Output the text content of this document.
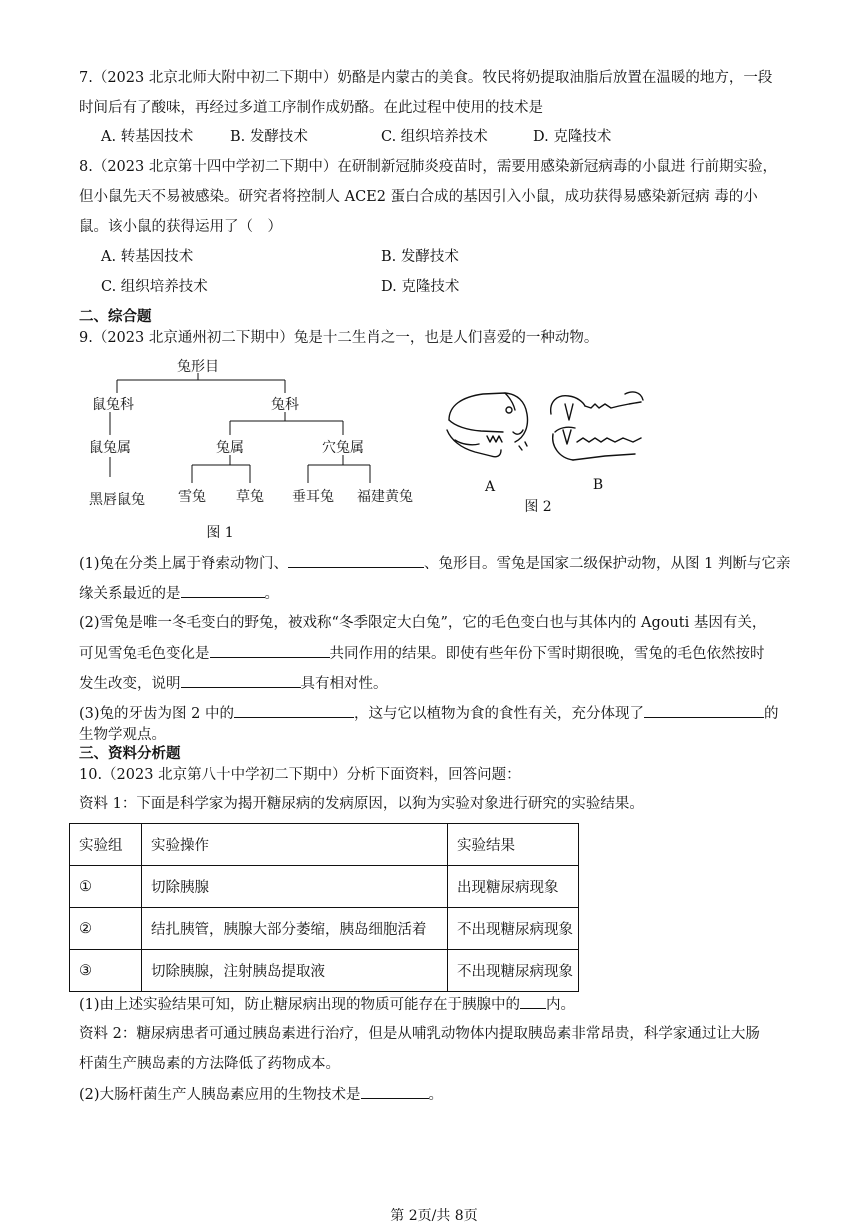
7.（2023 北京北师大附中初二下期中）奶酪是内蒙古的美食。牧民将奶提取油脂后放置在温暖的地方，一段
时间后有了酸味，再经过多道工序制作成奶酪。在此过程中使用的技术是
A. 转基因技术	B. 发酵技术	C. 组织培养技术	D. 克隆技术
8.（2023 北京第十四中学初二下期中）在研制新冠肺炎疫苗时，需要用感染新冠病毒的小鼠进 行前期实验，
但小鼠先天不易被感染。研究者将控制人 ACE2 蛋白合成的基因引入小鼠，成功获得易感染新冠病 毒的小
鼠。该小鼠的获得运用了（　）
A. 转基因技术	B. 发酵技术
C. 组织培养技术	D. 克隆技术
二、综合题
9.（2023 北京通州初二下期中）兔是十二生肖之一，也是人们喜爱的一种动物。
兔形目
鼠兔科	兔科
鼠兔属	兔属	穴兔属
黑唇鼠兔 雪兔 草兔 垂耳兔 福建黄兔
图 1
A	B
图 2
(1)兔在分类上属于脊索动物门、	、兔形目。雪兔是国家二级保护动物，从图 1 判断与它亲
缘关系最近的是	。
(2)雪兔是唯一冬毛变白的野兔，被戏称“冬季限定大白兔”，它的毛色变白也与其体内的 Agouti 基因有关，
可见雪兔毛色变化是	共同作用的结果。即使有些年份下雪时期很晚，雪兔的毛色依然按时
发生改变，说明	具有相对性。
(3)兔的牙齿为图 2 中的	，这与它以植物为食的食性有关，充分体现了	的
生物学观点。
三、资料分析题
10.（2023 北京第八十中学初二下期中）分析下面资料，回答问题：
资料 1：下面是科学家为揭开糖尿病的发病原因，以狗为实验对象进行研究的实验结果。
实验组	实验操作	实验结果
①	切除胰腺	出现糖尿病现象
②	结扎胰管，胰腺大部分萎缩，胰岛细胞活着	不出现糖尿病现象
③	切除胰腺，注射胰岛提取液	不出现糖尿病现象
(1)由上述实验结果可知，防止糖尿病出现的物质可能存在于胰腺中的 内。
资料 2：糖尿病患者可通过胰岛素进行治疗，但是从哺乳动物体内提取胰岛素非常昂贵，科学家通过让大肠
杆菌生产胰岛素的方法降低了药物成本。
(2)大肠杆菌生产人胰岛素应用的生物技术是	。
第 2页/共 8页
